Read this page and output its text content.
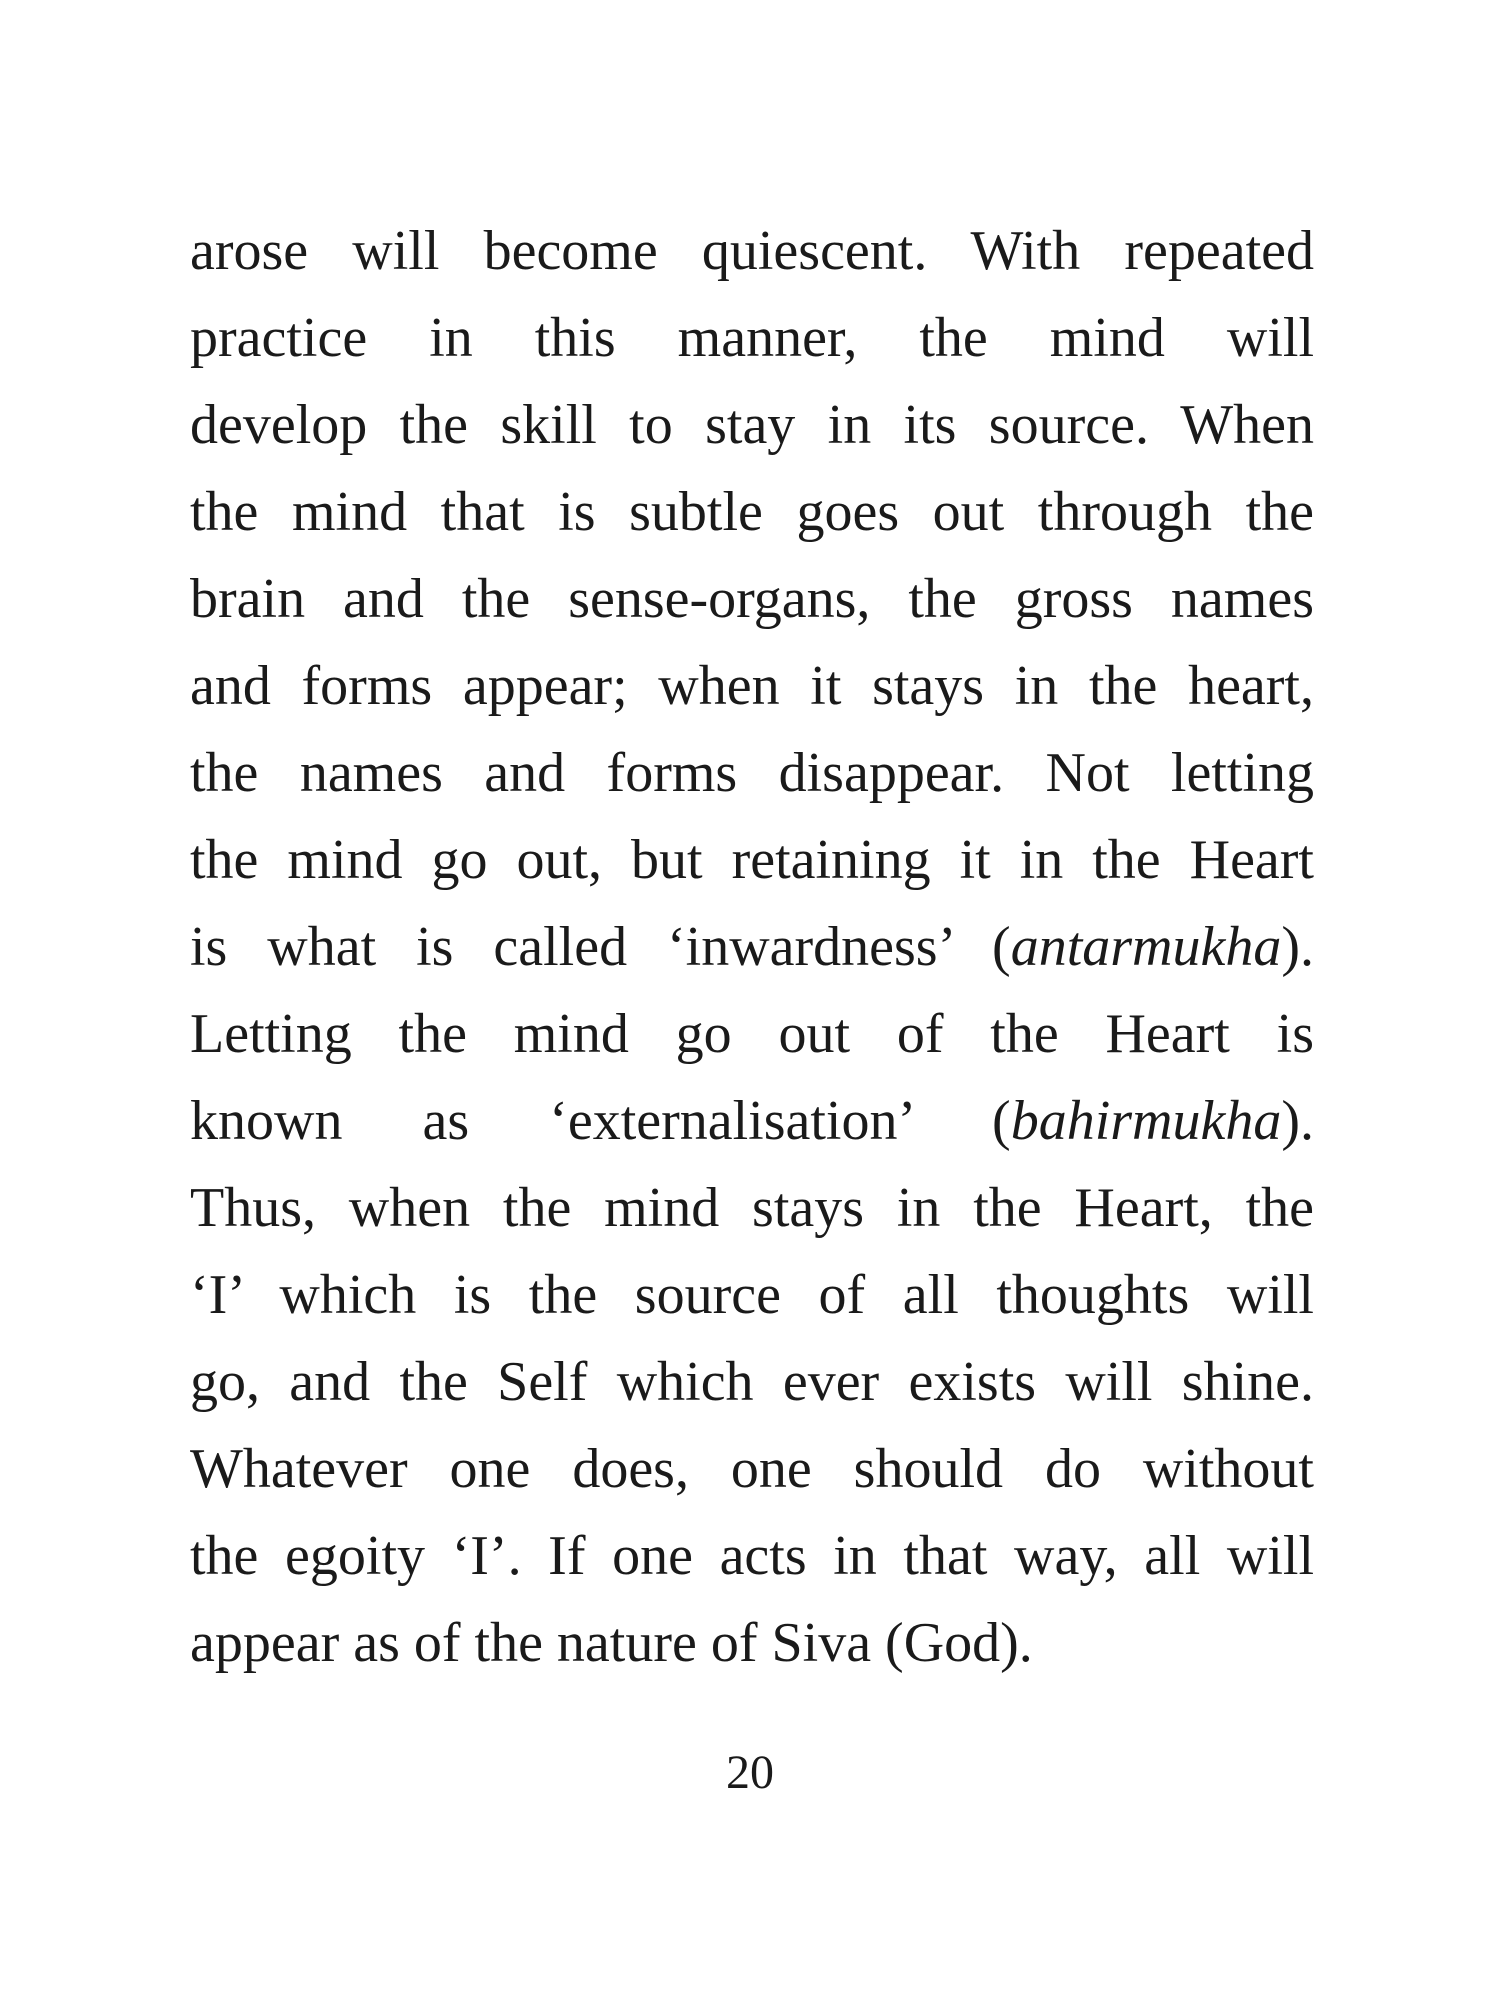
arose will become quiescent. With repeated
practice in this manner, the mind will
develop the skill to stay in its source. When
the mind that is subtle goes out through the
brain and the sense-organs, the gross names
and forms appear; when it stays in the heart,
the names and forms disappear. Not letting
the mind go out, but retaining it in the Heart
is what is called ‘inwardness’ (antarmukha).
Letting the mind go out of the Heart is
known as ‘externalisation’ (bahirmukha).
Thus, when the mind stays in the Heart, the
‘I’ which is the source of all thoughts will
go, and the Self which ever exists will shine.
Whatever one does, one should do without
the egoity ‘I’. If one acts in that way, all will
appear as of the nature of Siva (God).
20
